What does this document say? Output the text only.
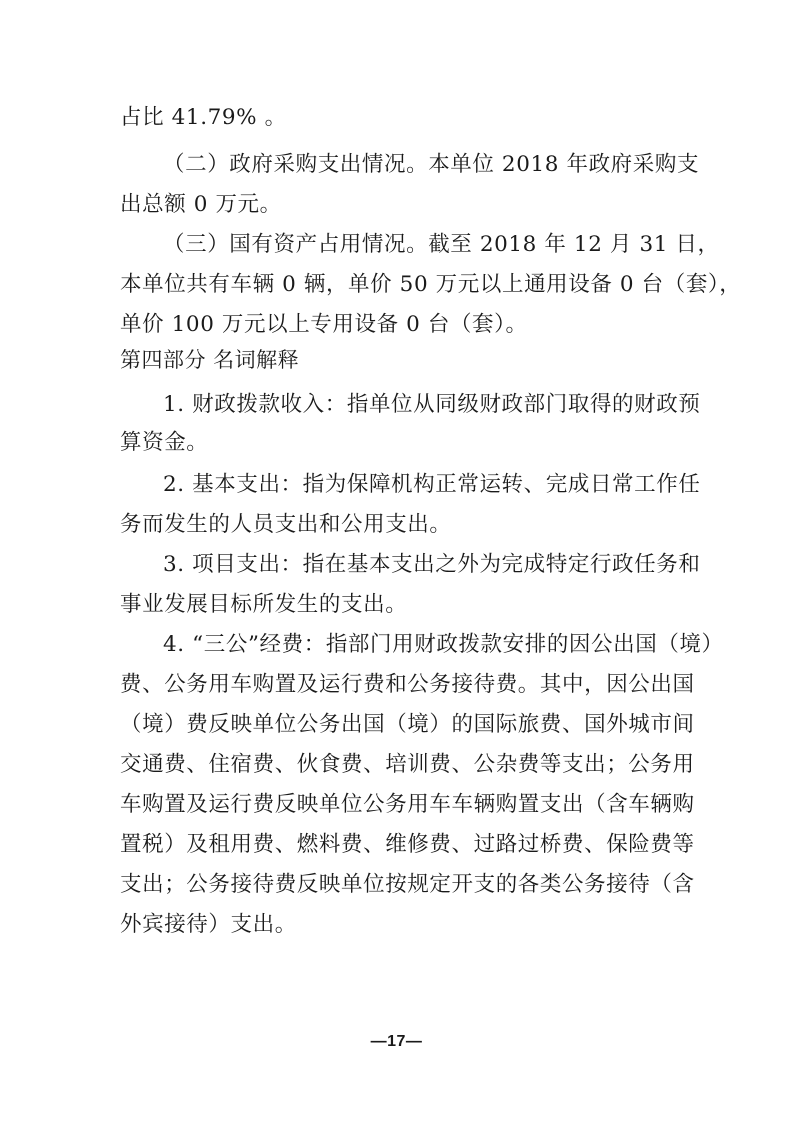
占比 41.79% 。
（二）政府采购支出情况。本单位 2018 年政府采购支
出总额 0 万元。
（三）国有资产占用情况。截至 2018 年 12 月 31 日，
本单位共有车辆 0 辆，单价 50 万元以上通用设备 0 台（套），
单价 100 万元以上专用设备 0 台（套）。
第四部分 名词解释
1. 财政拨款收入：指单位从同级财政部门取得的财政预
算资金。
2. 基本支出：指为保障机构正常运转、完成日常工作任
务而发生的人员支出和公用支出。
3. 项目支出：指在基本支出之外为完成特定行政任务和
事业发展目标所发生的支出。
4. “三公”经费：指部门用财政拨款安排的因公出国（境）
费、公务用车购置及运行费和公务接待费。其中，因公出国
（境）费反映单位公务出国（境）的国际旅费、国外城市间
交通费、住宿费、伙食费、培训费、公杂费等支出；公务用
车购置及运行费反映单位公务用车车辆购置支出（含车辆购
置税）及租用费、燃料费、维修费、过路过桥费、保险费等
支出；公务接待费反映单位按规定开支的各类公务接待（含
外宾接待）支出。
—17—
